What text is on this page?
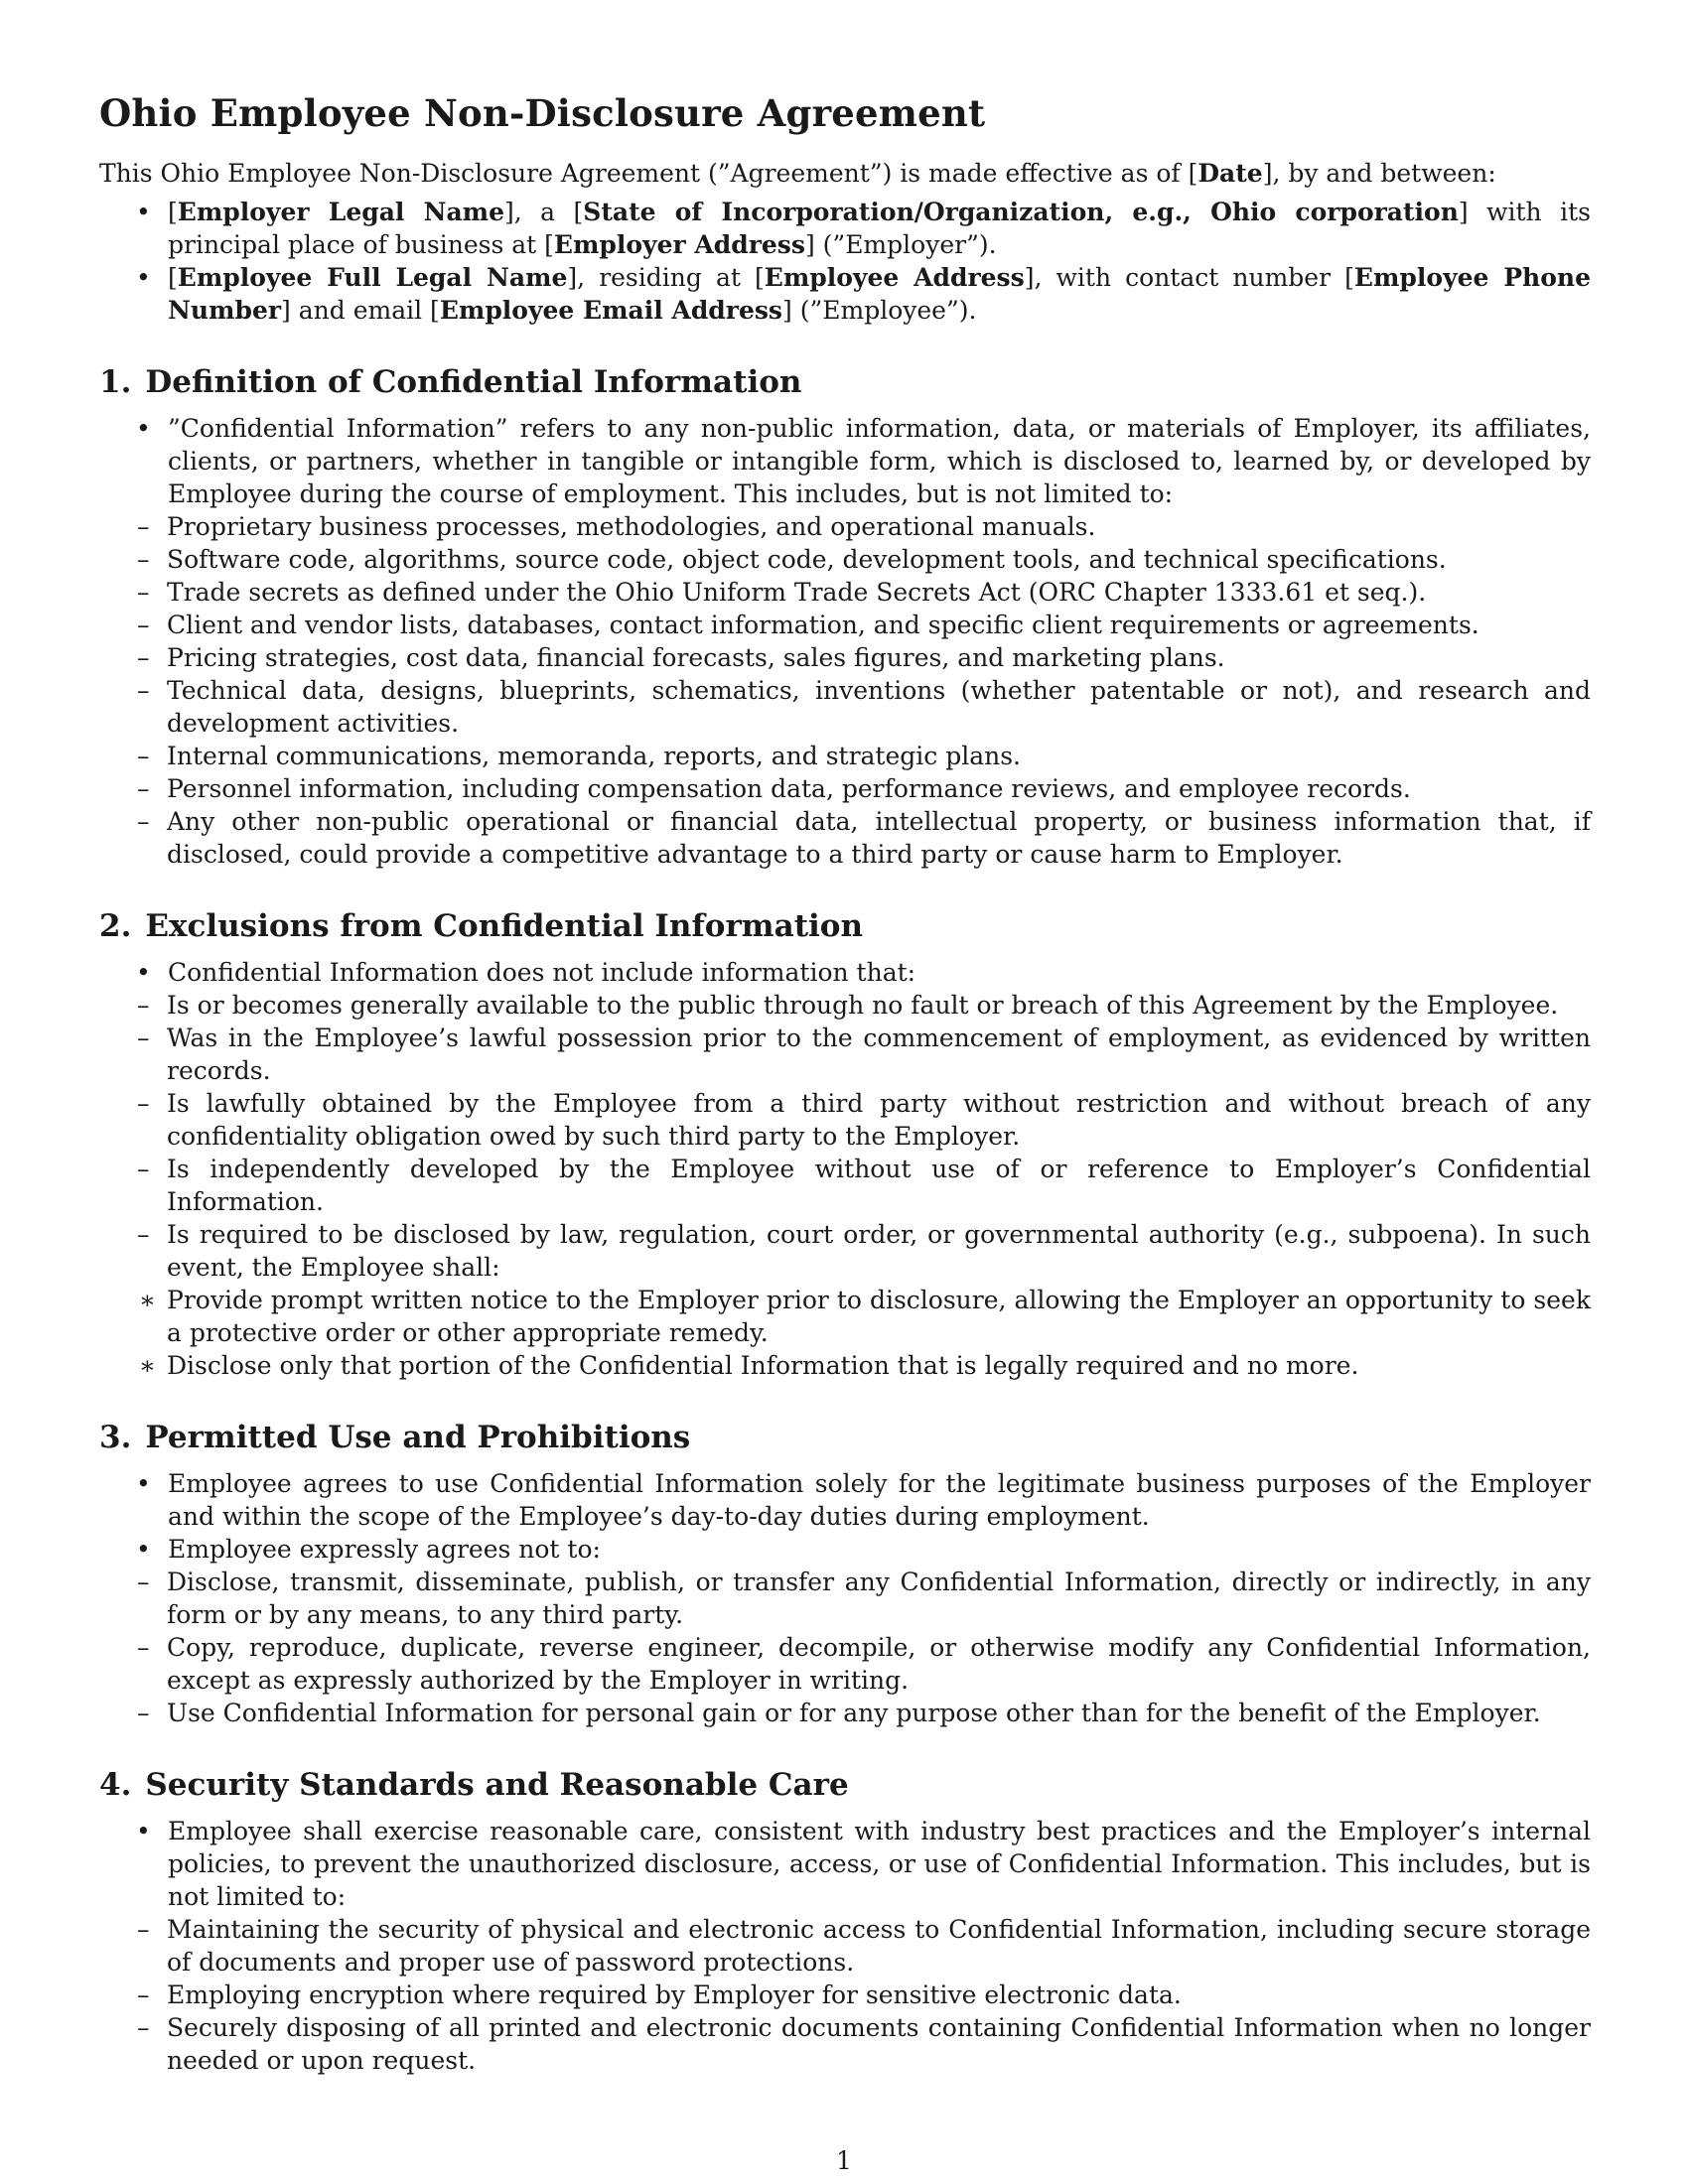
Ohio Employee Non-Disclosure Agreement

This Ohio Employee Non-Disclosure Agreement (”Agreement”) is made effective as of [Date], by and between:

• [Employer Legal Name], a [State of Incorporation/Organization, e.g., Ohio corporation] with its principal place of business at [Employer Address] (”Employer”).
• [Employee Full Legal Name], residing at [Employee Address], with contact number [Employee Phone Number] and email [Employee Email Address] (”Employee”).
1. Definition of Confidential Information
• ”Confidential Information” refers to any non-public information, data, or materials of Employer, its affiliates, clients, or partners, whether in tangible or intangible form, which is disclosed to, learned by, or developed by Employee during the course of employment. This includes, but is not limited to:
– Proprietary business processes, methodologies, and operational manuals.
– Software code, algorithms, source code, object code, development tools, and technical specifications.
– Trade secrets as defined under the Ohio Uniform Trade Secrets Act (ORC Chapter 1333.61 et seq.).
– Client and vendor lists, databases, contact information, and specific client requirements or agreements.
– Pricing strategies, cost data, financial forecasts, sales figures, and marketing plans.
– Technical data, designs, blueprints, schematics, inventions (whether patentable or not), and research and development activities.
– Internal communications, memoranda, reports, and strategic plans.
– Personnel information, including compensation data, performance reviews, and employee records.
– Any other non-public operational or financial data, intellectual property, or business information that, if disclosed, could provide a competitive advantage to a third party or cause harm to Employer.
2. Exclusions from Confidential Information
• Confidential Information does not include information that:
– Is or becomes generally available to the public through no fault or breach of this Agreement by the Employee.
– Was in the Employee’s lawful possession prior to the commencement of employment, as evidenced by written records.
– Is lawfully obtained by the Employee from a third party without restriction and without breach of any confidentiality obligation owed by such third party to the Employer.
– Is independently developed by the Employee without use of or reference to Employer’s Confidential Information.
– Is required to be disclosed by law, regulation, court order, or governmental authority (e.g., subpoena). In such event, the Employee shall:
∗ Provide prompt written notice to the Employer prior to disclosure, allowing the Employer an opportunity to seek a protective order or other appropriate remedy.
∗ Disclose only that portion of the Confidential Information that is legally required and no more.
3. Permitted Use and Prohibitions
• Employee agrees to use Confidential Information solely for the legitimate business purposes of the Employer and within the scope of the Employee’s day-to-day duties during employment.
• Employee expressly agrees not to:
– Disclose, transmit, disseminate, publish, or transfer any Confidential Information, directly or indirectly, in any form or by any means, to any third party.
– Copy, reproduce, duplicate, reverse engineer, decompile, or otherwise modify any Confidential Information, except as expressly authorized by the Employer in writing.
– Use Confidential Information for personal gain or for any purpose other than for the benefit of the Employer.
4. Security Standards and Reasonable Care
• Employee shall exercise reasonable care, consistent with industry best practices and the Employer’s internal policies, to prevent the unauthorized disclosure, access, or use of Confidential Information. This includes, but is not limited to:
– Maintaining the security of physical and electronic access to Confidential Information, including secure storage of documents and proper use of password protections.
– Employing encryption where required by Employer for sensitive electronic data.
– Securely disposing of all printed and electronic documents containing Confidential Information when no longer needed or upon request.
1
